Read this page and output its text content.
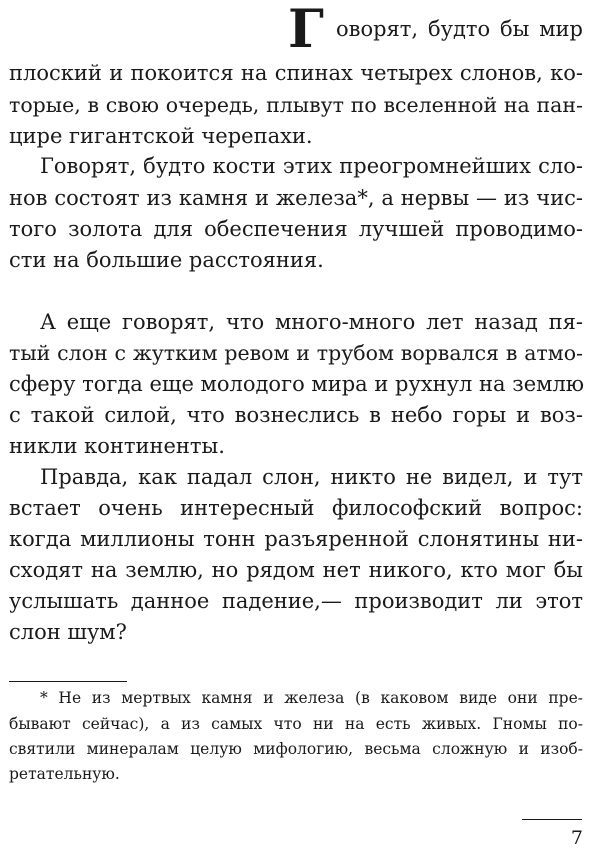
Г оворят, будто бы мир
плоский и покоится на спинах четырех слонов, ко-
торые, в свою очередь, плывут по вселенной на пан-
цире гигантской черепахи.
Говорят, будто кости этих преогромнейших сло-
нов состоят из камня и железа*, а нервы — из чис-
того золота для обеспечения лучшей проводимо-
сти на большие расстояния.
А еще говорят, что много-много лет назад пя-
тый слон с жутким ревом и трубом ворвался в атмо-
сферу тогда еще молодого мира и рухнул на землю
с такой силой, что вознеслись в небо горы и воз-
никли континенты.
Правда, как падал слон, никто не видел, и тут
встает очень интересный философский вопрос:
когда миллионы тонн разъяренной слонятины ни-
сходят на землю, но рядом нет никого, кто мог бы
услышать данное падение,— производит ли этот
слон шум?
* Не из мертвых камня и железа (в каковом виде они пре-
бывают сейчас), а из самых что ни на есть живых. Гномы по-
святили минералам целую мифологию, весьма сложную и изоб-
ретательную.
7
